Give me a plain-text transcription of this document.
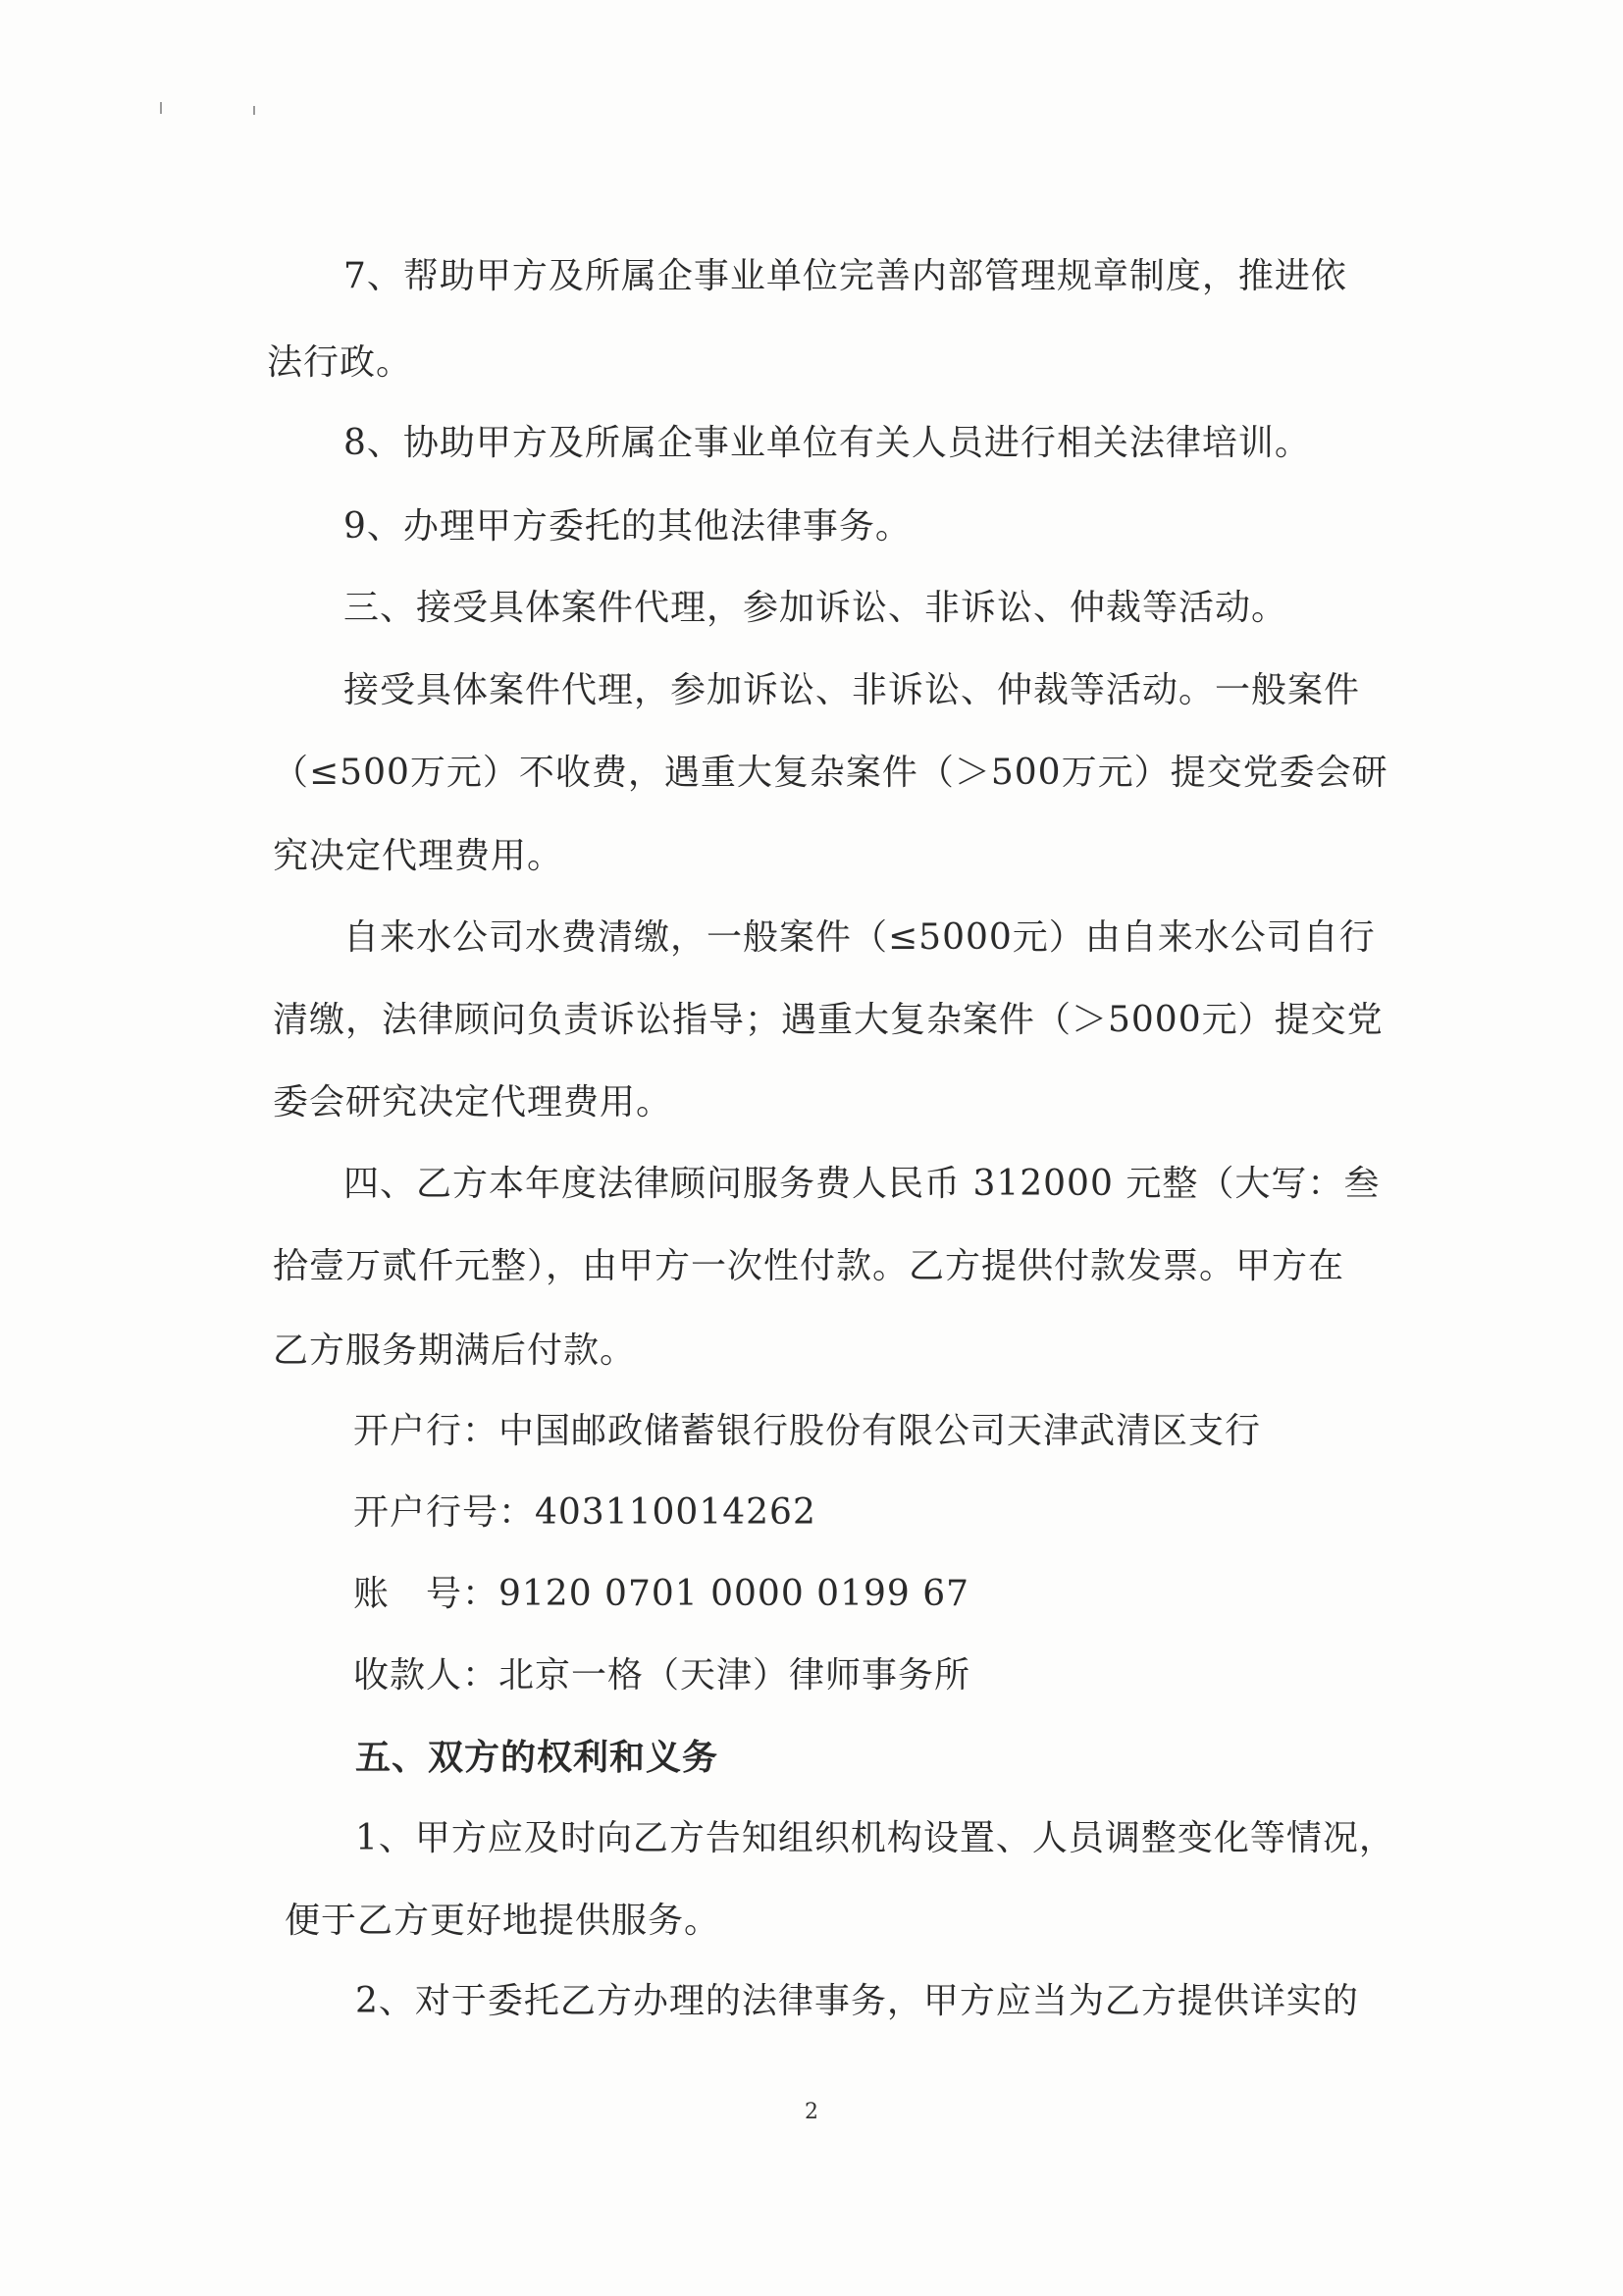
7、帮助甲方及所属企事业单位完善内部管理规章制度，推进依
法行政。
8、协助甲方及所属企事业单位有关人员进行相关法律培训。
9、办理甲方委托的其他法律事务。
三、接受具体案件代理，参加诉讼、非诉讼、仲裁等活动。
接受具体案件代理，参加诉讼、非诉讼、仲裁等活动。一般案件
（≤500万元）不收费，遇重大复杂案件（＞500万元）提交党委会研
究决定代理费用。
自来水公司水费清缴，一般案件（≤5000元）由自来水公司自行
清缴，法律顾问负责诉讼指导；遇重大复杂案件（＞5000元）提交党
委会研究决定代理费用。
四、乙方本年度法律顾问服务费人民币 312000 元整（大写：叁
拾壹万贰仟元整），由甲方一次性付款。乙方提供付款发票。甲方在
乙方服务期满后付款。
开户行：中国邮政储蓄银行股份有限公司天津武清区支行
开户行号：403110014262
账　号：9120 0701 0000 0199 67
收款人：北京一格（天津）律师事务所
五、双方的权利和义务
1、甲方应及时向乙方告知组织机构设置、人员调整变化等情况，
便于乙方更好地提供服务。
2、对于委托乙方办理的法律事务，甲方应当为乙方提供详实的
2
